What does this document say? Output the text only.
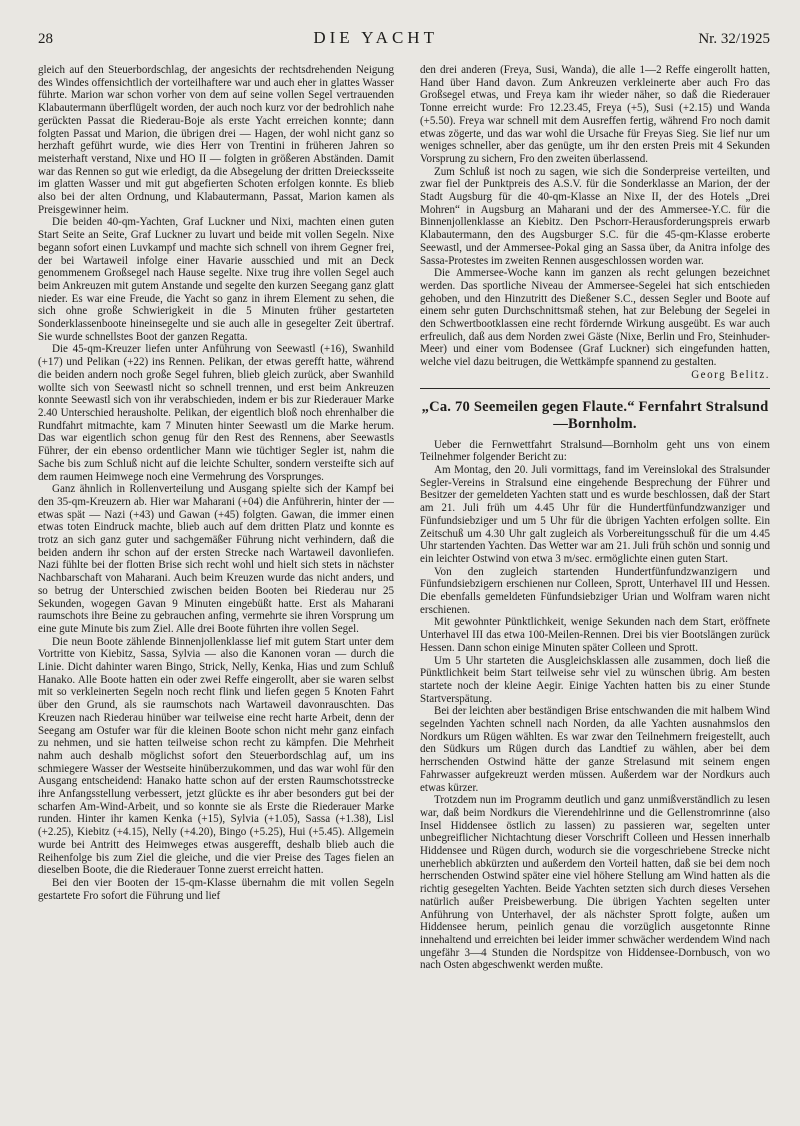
28	DIE YACHT	Nr. 32/1925

gleich auf den Steuerbordschlag, der angesichts der rechtsdrehenden Neigung des Windes offensichtlich der vorteilhaftere war und auch eher in glattes Wasser führte. Marion war schon vorher von dem auf seine vollen Segel vertrauenden Klabautermann überflügelt worden, der auch noch kurz vor der bedrohlich nahe gerückten Passat die Riederau-Boje als erste Yacht erreichen konnte; dann folgten Passat und Marion, die übrigen drei — Hagen, der wohl nicht ganz so herzhaft geführt wurde, wie dies Herr von Trentini in früheren Jahren so meisterhaft verstand, Nixe und HO II — folgten in größeren Abständen. Damit war das Rennen so gut wie erledigt, da die Absegelung der dritten Dreiecksseite im glatten Wasser und mit gut abgefierten Schoten erfolgen konnte. Es blieb also bei der alten Ordnung, und Klabautermann, Passat, Marion kamen als Preisgewinner heim.

Die beiden 40-qm-Yachten, Graf Luckner und Nixi, machten einen guten Start Seite an Seite, Graf Luckner zu luvart und beide mit vollen Segeln. Nixe begann sofort einen Luvkampf und machte sich schnell von ihrem Gegner frei, der bei Wartaweil infolge einer Havarie ausschied und mit an Deck genommenem Großsegel nach Hause segelte. Nixe trug ihre vollen Segel auch beim Ankreuzen mit gutem Anstande und segelte den kurzen Seegang ganz glatt nieder. Es war eine Freude, die Yacht so ganz in ihrem Element zu sehen, die sich ohne große Schwierigkeit in die 5 Minuten früher gestarteten Sonderklassenboote hineinsegelte und sie auch alle in gesegelter Zeit übertraf. Sie wurde schnellstes Boot der ganzen Regatta.

Die 45-qm-Kreuzer liefen unter Anführung von Seewastl (+16), Swanhild (+17) und Pelikan (+22) ins Rennen. Pelikan, der etwas gerefft hatte, während die beiden andern noch große Segel fuhren, blieb gleich zurück, aber Swanhild wollte sich von Seewastl nicht so schnell trennen, und erst beim Ankreuzen konnte Seewastl sich von ihr verabschieden, indem er bis zur Riederauer Marke 2.40 Unterschied herausholte. Pelikan, der eigentlich bloß noch ehrenhalber die Rundfahrt mitmachte, kam 7 Minuten hinter Seewastl um die Marke herum. Das war eigentlich schon genug für den Rest des Rennens, aber Seewastls Führer, der ein ebenso ordentlicher Mann wie tüchtiger Segler ist, nahm die Sache bis zum Schluß nicht auf die leichte Schulter, sondern versteifte sich auf dem raumen Heimwege noch eine Vermehrung des Vorsprunges.

Ganz ähnlich in Rollenverteilung und Ausgang spielte sich der Kampf bei den 35-qm-Kreuzern ab. Hier war Maharani (+04) die Anführerin, hinter der — etwas spät — Nazi (+43) und Gawan (+45) folgten. Gawan, die immer einen etwas toten Eindruck machte, blieb auch auf dem dritten Platz und konnte es trotz an sich ganz guter und sachgemäßer Führung nicht verhindern, daß die beiden andern ihr schon auf der ersten Strecke nach Wartaweil davonliefen. Nazi fühlte bei der flotten Brise sich recht wohl und hielt sich stets in nächster Nachbarschaft von Maharani. Auch beim Kreuzen wurde das nicht anders, und so betrug der Unterschied zwischen beiden Booten bei Riederau nur 25 Sekunden, wogegen Gavan 9 Minuten eingebüßt hatte. Erst als Maharani raumschots ihre Beine zu gebrauchen anfing, vermehrte sie ihren Vorsprung um eine gute Minute bis zum Ziel. Alle drei Boote führten ihre vollen Segel.

Die neun Boote zählende Binnenjollenklasse lief mit gutem Start unter dem Vortritte von Kiebitz, Sassa, Sylvia — also die Kanonen voran — durch die Linie. Dicht dahinter waren Bingo, Strick, Nelly, Kenka, Hias und zum Schluß Hanako. Alle Boote hatten ein oder zwei Reffe eingerollt, aber sie waren selbst mit so verkleinerten Segeln noch recht flink und liefen gegen 5 Knoten Fahrt über den Grund, als sie raumschots nach Wartaweil davonrauschten. Das Kreuzen nach Riederau hinüber war teilweise eine recht harte Arbeit, denn der Seegang am Ostufer war für die kleinen Boote schon nicht mehr ganz einfach zu nehmen, und sie hatten teilweise schon recht zu kämpfen. Die Mehrheit nahm auch deshalb möglichst sofort den Steuerbordschlag auf, um ins schmiegere Wasser der Westseite hinüberzukommen, und das war wohl für den Ausgang entscheidend: Hanako hatte schon auf der ersten Raumschotsstrecke ihre Anfangsstellung verbessert, jetzt glückte es ihr aber besonders gut bei der scharfen Am-Wind-Arbeit, und so konnte sie als Erste die Riederauer Marke runden. Hinter ihr kamen Kenka (+15), Sylvia (+1.05), Sassa (+1.38), Lisl (+2.25), Kiebitz (+4.15), Nelly (+4.20), Bingo (+5.25), Hui (+5.45). Allgemein wurde bei Antritt des Heimweges etwas ausgerefft, deshalb blieb auch die Reihenfolge bis zum Ziel die gleiche, und die vier Preise des Tages fielen an dieselben Boote, die die Riederauer Tonne zuerst erreicht hatten.

Bei den vier Booten der 15-qm-Klasse übernahm die mit vollen Segeln gestartete Fro sofort die Führung und lief

den drei anderen (Freya, Susi, Wanda), die alle 1—2 Reffe eingerollt hatten, Hand über Hand davon. Zum Ankreuzen verkleinerte aber auch Fro das Großsegel etwas, und Freya kam ihr wieder näher, so daß die Riederauer Tonne erreicht wurde: Fro 12.23.45, Freya (+5), Susi (+2.15) und Wanda (+5.50). Freya war schnell mit dem Ausreffen fertig, während Fro noch damit etwas zögerte, und das war wohl die Ursache für Freyas Sieg. Sie lief nur um weniges schneller, aber das genügte, um ihr den ersten Preis mit 4 Sekunden Vorsprung zu sichern, Fro den zweiten überlassend.

Zum Schluß ist noch zu sagen, wie sich die Sonderpreise verteilten, und zwar fiel der Punktpreis des A.S.V. für die Sonderklasse an Marion, der der Stadt Augsburg für die 40-qm-Klasse an Nixe II, der des Hotels „Drei Mohren“ in Augsburg an Maharani und der des Ammersee-Y.C. für die Binnenjollenklasse an Kiebitz. Den Pschorr-Herausforderungspreis erwarb Klabautermann, den des Augsburger S.C. für die 45-qm-Klasse eroberte Seewastl, und der Ammersee-Pokal ging an Sassa über, da Anitra infolge des Sassa-Protestes im zweiten Rennen ausgeschlossen worden war.

Die Ammersee-Woche kann im ganzen als recht gelungen bezeichnet werden. Das sportliche Niveau der Ammersee-Segelei hat sich entschieden gehoben, und den Hinzutritt des Dießener S.C., dessen Segler und Boote auf einem sehr guten Durchschnittsmaß stehen, hat zur Belebung der Segelei in den Schwertbootklassen eine recht fördernde Wirkung ausgeübt. Es war auch erfreulich, daß aus dem Norden zwei Gäste (Nixe, Berlin und Fro, Steinhuder-Meer) und einer vom Bodensee (Graf Luckner) sich eingefunden hatten, welche viel dazu beitrugen, die Wettkämpfe spannend zu gestalten.

Georg Belitz.
„Ca. 70 Seemeilen gegen Flaute.“ Fernfahrt Stralsund—Bornholm.

Ueber die Fernwettfahrt Stralsund—Bornholm geht uns von einem Teilnehmer folgender Bericht zu:

Am Montag, den 20. Juli vormittags, fand im Vereinslokal des Stralsunder Segler-Vereins in Stralsund eine eingehende Besprechung der Führer und Besitzer der gemeldeten Yachten statt und es wurde beschlossen, daß der Start am 21. Juli früh um 4.45 Uhr für die Hundertfünfundzwanziger und Fünfundsiebziger und um 5 Uhr für die übrigen Yachten erfolgen sollte. Ein Zeitschuß um 4.30 Uhr galt zugleich als Vorbereitungsschuß für die um 4.45 Uhr startenden Yachten. Das Wetter war am 21. Juli früh schön und sonnig und ein leichter Ostwind von etwa 3 m/sec. ermöglichte einen guten Start.

Von den zugleich startenden Hundertfünfundzwanzigern und Fünfundsiebzigern erschienen nur Colleen, Sprott, Unterhavel III und Hessen. Die ebenfalls gemeldeten Fünfundsiebziger Urian und Wolfram waren nicht erschienen.

Mit gewohnter Pünktlichkeit, wenige Sekunden nach dem Start, eröffnete Unterhavel III das etwa 100-Meilen-Rennen. Drei bis vier Bootslängen zurück Hessen. Dann schon einige Minuten später Colleen und Sprott.

Um 5 Uhr starteten die Ausgleichsklassen alle zusammen, doch ließ die Pünktlichkeit beim Start teilweise sehr viel zu wünschen übrig. Am besten startete noch der kleine Aegir. Einige Yachten hatten bis zu einer Stunde Startverspätung.

Bei der leichten aber beständigen Brise entschwanden die mit halbem Wind segelnden Yachten schnell nach Norden, da alle Yachten ausnahmslos den Nordkurs um Rügen wählten. Es war zwar den Teilnehmern freigestellt, auch den Südkurs um Rügen durch das Landtief zu wählen, aber bei dem herrschenden Ostwind hätte der ganze Strelasund mit seinem engen Fahrwasser aufgekreuzt werden müssen. Außerdem war der Nordkurs auch etwas kürzer.

Trotzdem nun im Programm deutlich und ganz unmißverständlich zu lesen war, daß beim Nordkurs die Vierendehlrinne und die Gellenstromrinne (also Insel Hiddensee östlich zu lassen) zu passieren war, segelten unter unbegreiflicher Nichtachtung dieser Vorschrift Colleen und Hessen innerhalb Hiddensee und Rügen durch, wodurch sie die vorgeschriebene Strecke nicht unerheblich abkürzten und außerdem den Vorteil hatten, daß sie bei dem noch herrschenden Ostwind später eine viel höhere Stellung am Wind hatten als die richtig gesegelten Yachten. Beide Yachten setzten sich durch dieses Versehen natürlich außer Preisbewerbung. Die übrigen Yachten segelten unter Anführung von Unterhavel, der als nächster Sprott folgte, außen um Hiddensee herum, peinlich genau die vorzüglich ausgetonnte Rinne innehaltend und erreichten bei leider immer schwächer werdendem Wind nach ungefähr 3—4 Stunden die Nordspitze von Hiddensee-Dornbusch, von wo nach Osten abgeschwenkt werden mußte.
